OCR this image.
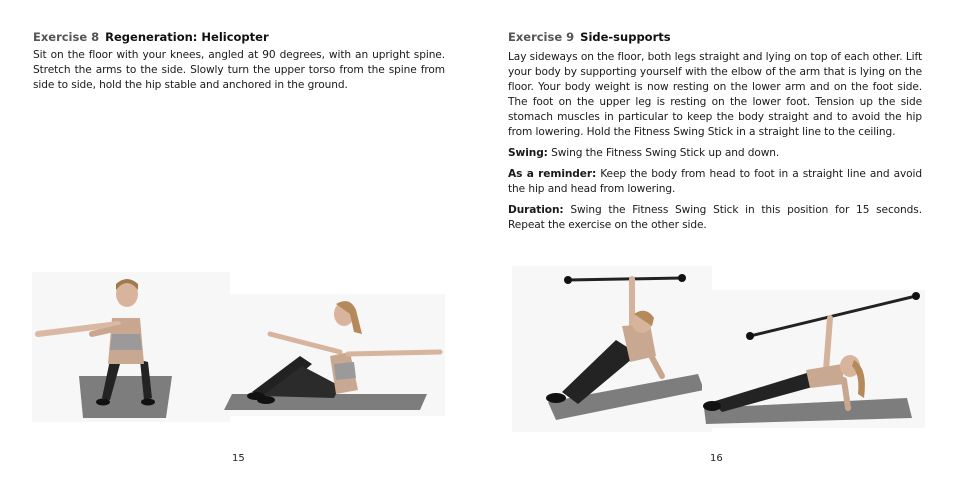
Exercise 8 Regeneration: Helicopter

Sit on the floor with your knees, angled at 90 degrees, with an upright spine. Stretch the arms to the side. Slowly turn the upper torso from the spine from side to side, hold the hip stable and anchored in the ground.

15
Exercise 9 Side-supports

Lay sideways on the floor, both legs straight and lying on top of each other. Lift your body by supporting yourself with the elbow of the arm that is lying on the floor. Your body weight is now resting on the lower arm and on the foot side. The foot on the upper leg is resting on the lower foot. Tension up the side stomach muscles in particular to keep the body straight and to avoid the hip from lowering. Hold the Fitness Swing Stick in a straight line to the ceiling.

Swing: Swing the Fitness Swing Stick up and down.

As a reminder: Keep the body from head to foot in a straight line and avoid the hip and head from lowering.

Duration: Swing the Fitness Swing Stick in this position for 15 seconds. Repeat the exercise on the other side.

16
